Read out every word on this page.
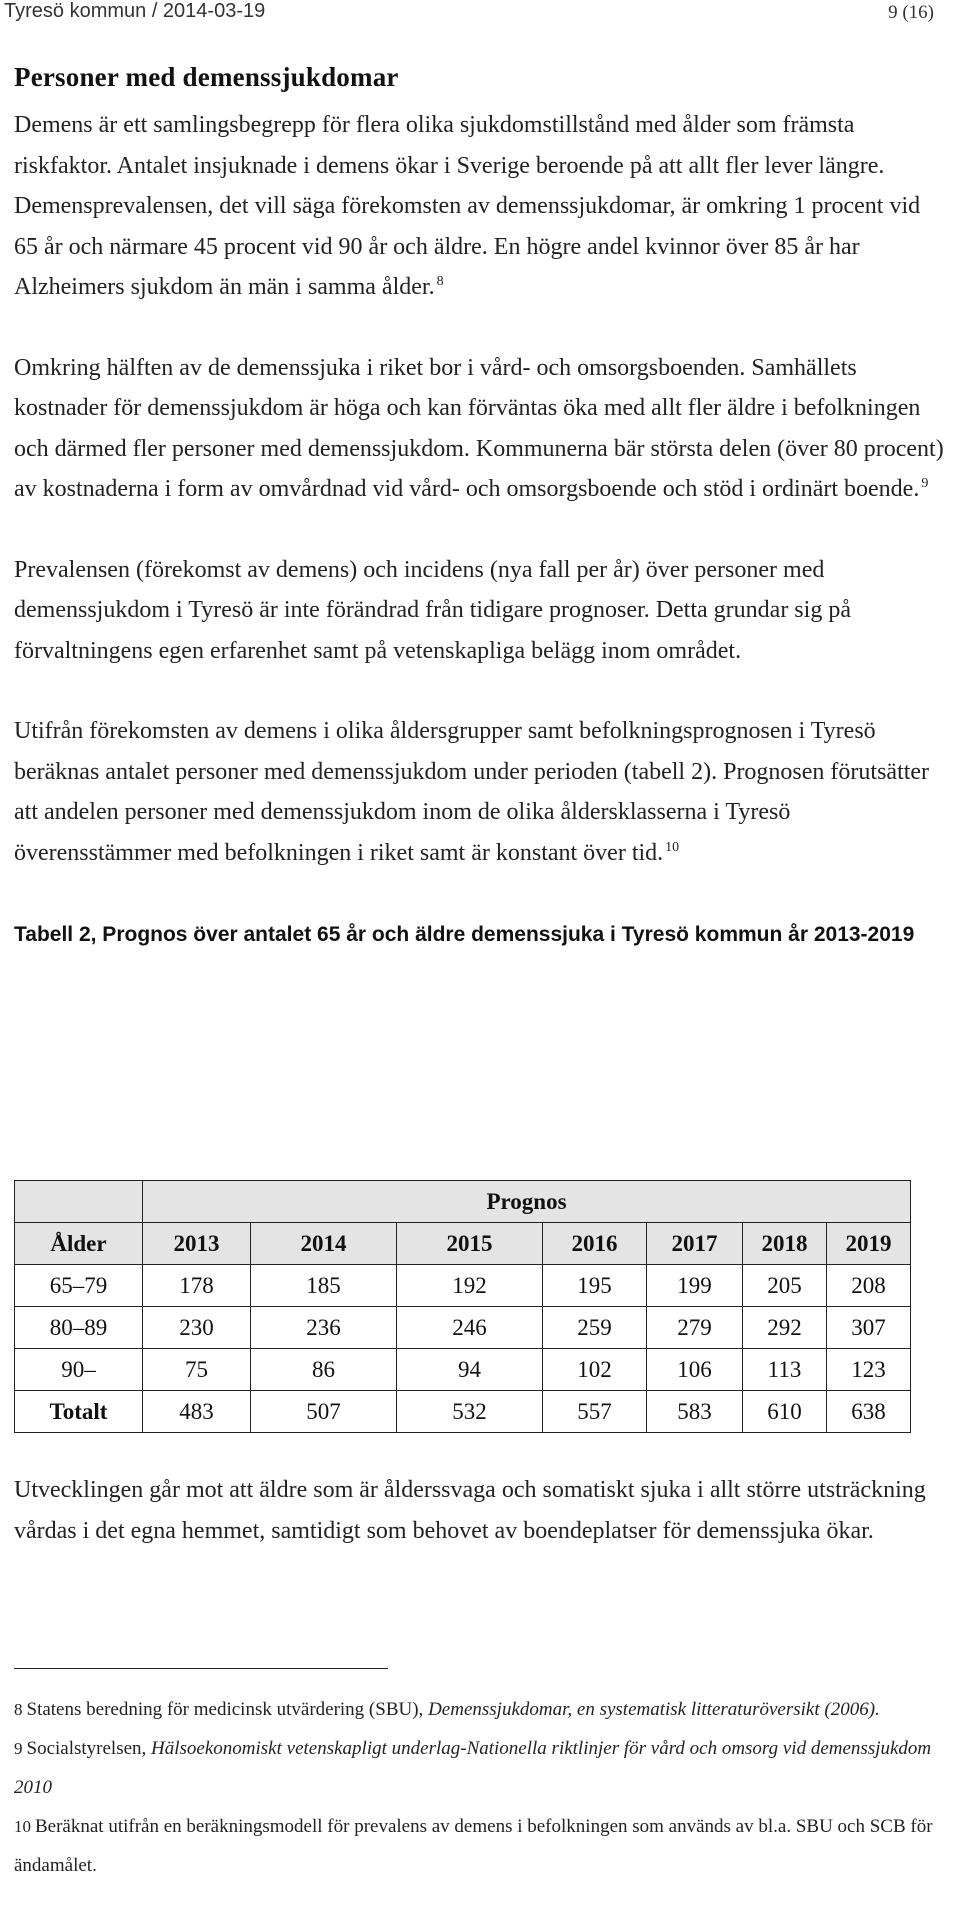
Tyresö kommun / 2014-03-19	9 (16)
Personer med demenssjukdomar

Demens är ett samlingsbegrepp för flera olika sjukdomstillstånd med ålder som främsta riskfaktor. Antalet insjuknade i demens ökar i Sverige beroende på att allt fler lever längre. Demensprevalensen, det vill säga förekomsten av demenssjukdomar, är omkring 1 procent vid 65 år och närmare 45 procent vid 90 år och äldre. En högre andel kvinnor över 85 år har Alzheimers sjukdom än män i samma ålder. $^8$

Omkring hälften av de demenssjuka i riket bor i vård- och omsorgsboenden. Samhällets kostnader för demenssjukdom är höga och kan förväntas öka med allt fler äldre i befolkningen och därmed fler personer med demenssjukdom. Kommunerna bär största delen (över 80 procent) av kostnaderna i form av omvårdnad vid vård- och omsorgsboende och stöd i ordinärt boende. $^9$

Prevalensen (förekomst av demens) och incidens (nya fall per år) över personer med demenssjukdom i Tyresö är inte förändrad från tidigare prognoser. Detta grundar sig på förvaltningens egen erfarenhet samt på vetenskapliga belägg inom området.

Utifrån förekomsten av demens i olika åldersgrupper samt befolkningsprognosen i Tyresö beräknas antalet personer med demenssjukdom under perioden (tabell 2). Prognosen förutsätter att andelen personer med demenssjukdom inom de olika åldersklasserna i Tyresö överensstämmer med befolkningen i riket samt är konstant över tid. $^{10}$

Tabell 2, Prognos över antalet 65 år och äldre demenssjuka i Tyresö kommun år 2013-2019
	Prognos						
Ålder	2013	2014	2015	2016	2017	2018	2019
65–79	178	185	192	195	199	205	208
80–89	230	236	246	259	279	292	307
90–	75	86	94	102	106	113	123
Totalt	483	507	532	557	583	610	638

Utvecklingen går mot att äldre som är ålderssvaga och somatiskt sjuka i allt större utsträckning vårdas i det egna hemmet, samtidigt som behovet av boendeplatser för demenssjuka ökar.

8 Statens beredning för medicinsk utvärdering (SBU), Demenssjukdomar, en systematisk litteraturöversikt (2006).

9 Socialstyrelsen, Hälsoekonomiskt vetenskapligt underlag-Nationella riktlinjer för vård och omsorg vid demenssjukdom 2010

10 Beräknat utifrån en beräkningsmodell för prevalens av demens i befolkningen som används av bl.a. SBU och SCB för ändamålet.
